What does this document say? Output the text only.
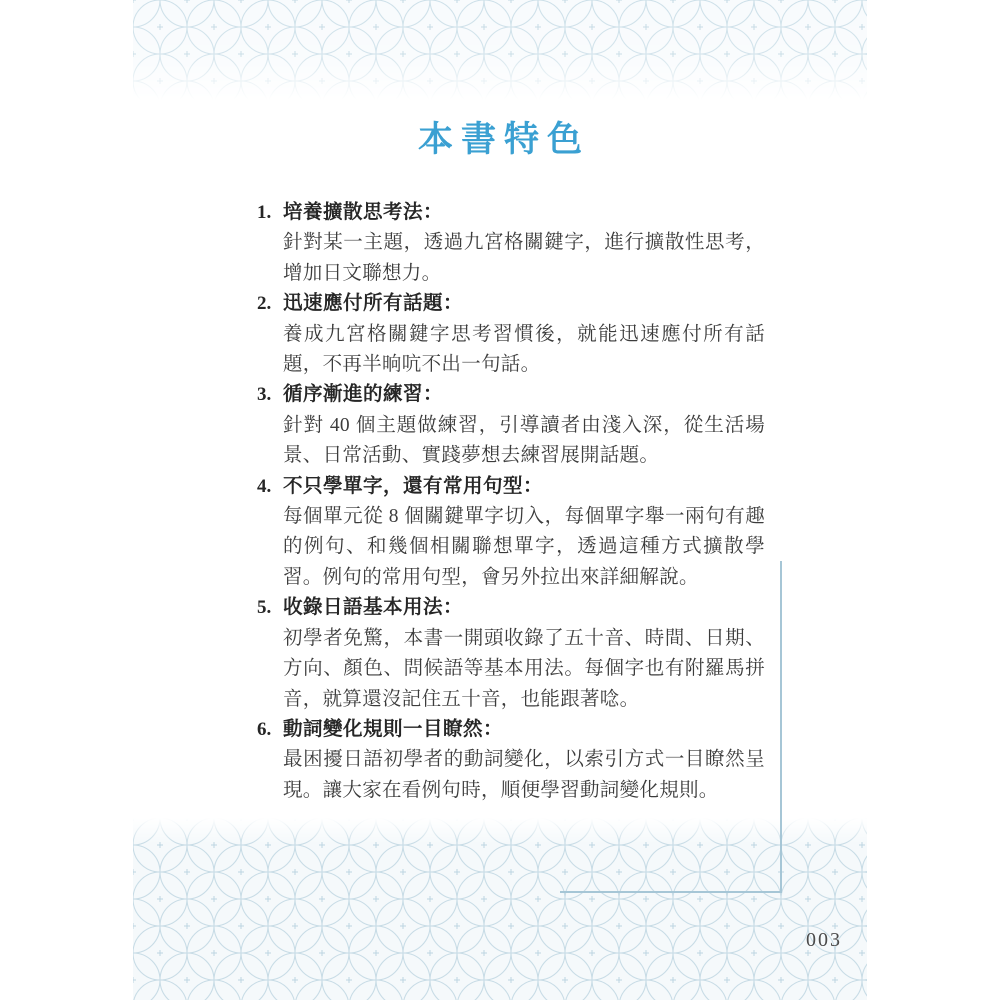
本書特色
1. 培養擴散思考法：
針對某一主題，透過九宮格關鍵字，進行擴散性思考，增加日文聯想力。
2. 迅速應付所有話題：
養成九宮格關鍵字思考習慣後，就能迅速應付所有話題，不再半晌吭不出一句話。
3. 循序漸進的練習：
針對 40 個主題做練習，引導讀者由淺入深，從生活場景、日常活動、實踐夢想去練習展開話題。
4. 不只學單字，還有常用句型：
每個單元從 8 個關鍵單字切入，每個單字舉一兩句有趣的例句、和幾個相關聯想單字，透過這種方式擴散學習。例句的常用句型，會另外拉出來詳細解說。
5. 收錄日語基本用法：
初學者免驚，本書一開頭收錄了五十音、時間、日期、方向、顏色、問候語等基本用法。每個字也有附羅馬拼音，就算還沒記住五十音，也能跟著唸。
6. 動詞變化規則一目瞭然：
最困擾日語初學者的動詞變化，以索引方式一目瞭然呈現。讓大家在看例句時，順便學習動詞變化規則。
003
